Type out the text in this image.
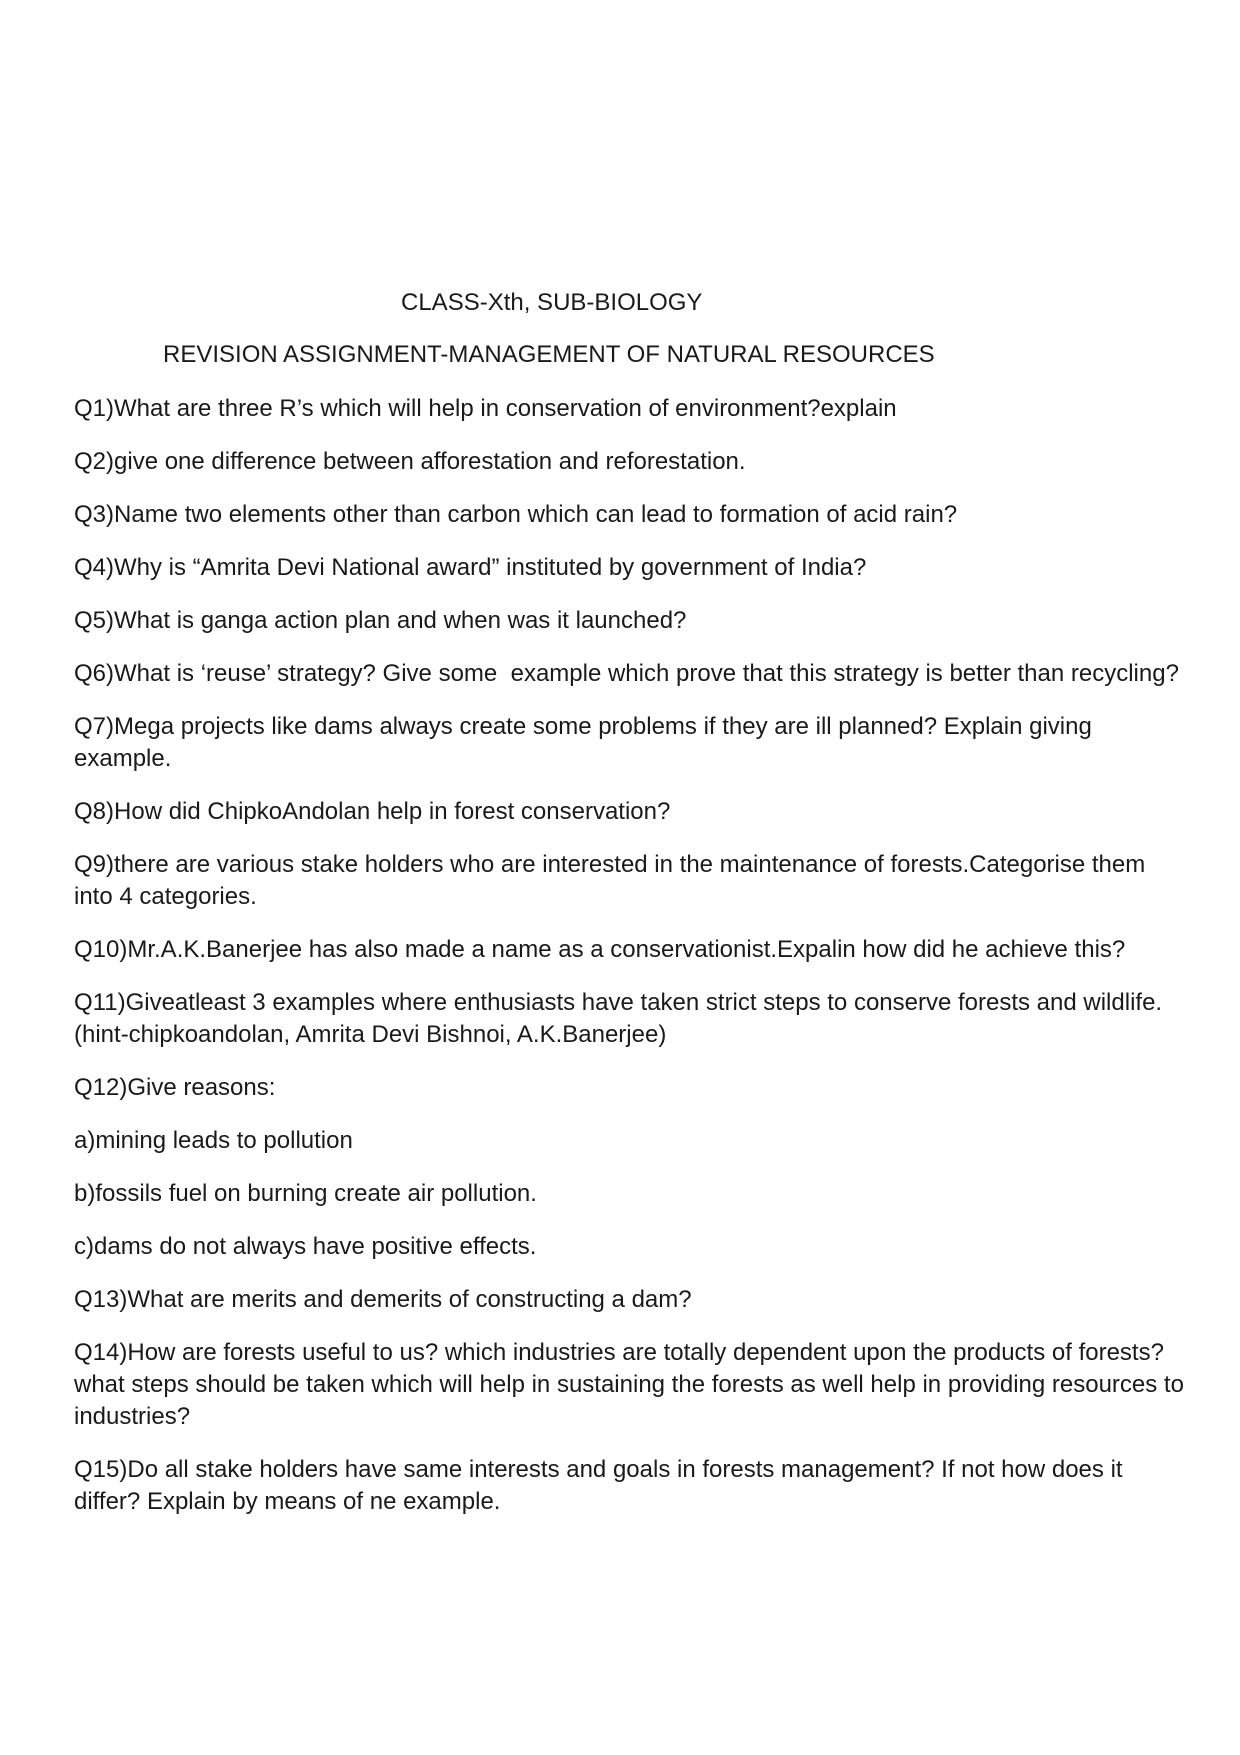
CLASS-Xth, SUB-BIOLOGY
REVISION ASSIGNMENT-MANAGEMENT OF NATURAL RESOURCES
Q1)What are three R’s which will help in conservation of environment?explain
Q2)give one difference between afforestation and reforestation.
Q3)Name two elements other than carbon which can lead to formation of acid rain?
Q4)Why is “Amrita Devi National award” instituted by government of India?
Q5)What is ganga action plan and when was it launched?
Q6)What is ‘reuse’ strategy? Give some  example which prove that this strategy is better than recycling?
Q7)Mega projects like dams always create some problems if they are ill planned? Explain giving example.
Q8)How did ChipkoAndolan help in forest conservation?
Q9)there are various stake holders who are interested in the maintenance of forests.Categorise them into 4 categories.
Q10)Mr.A.K.Banerjee has also made a name as a conservationist.Expalin how did he achieve this?
Q11)Giveatleast 3 examples where enthusiasts have taken strict steps to conserve forests and wildlife.(hint-chipkoandolan, Amrita Devi Bishnoi, A.K.Banerjee)
Q12)Give reasons:
a)mining leads to pollution
b)fossils fuel on burning create air pollution.
c)dams do not always have positive effects.
Q13)What are merits and demerits of constructing a dam?
Q14)How are forests useful to us? which industries are totally dependent upon the products of forests? what steps should be taken which will help in sustaining the forests as well help in providing resources to industries?
Q15)Do all stake holders have same interests and goals in forests management? If not how does it differ? Explain by means of ne example.
